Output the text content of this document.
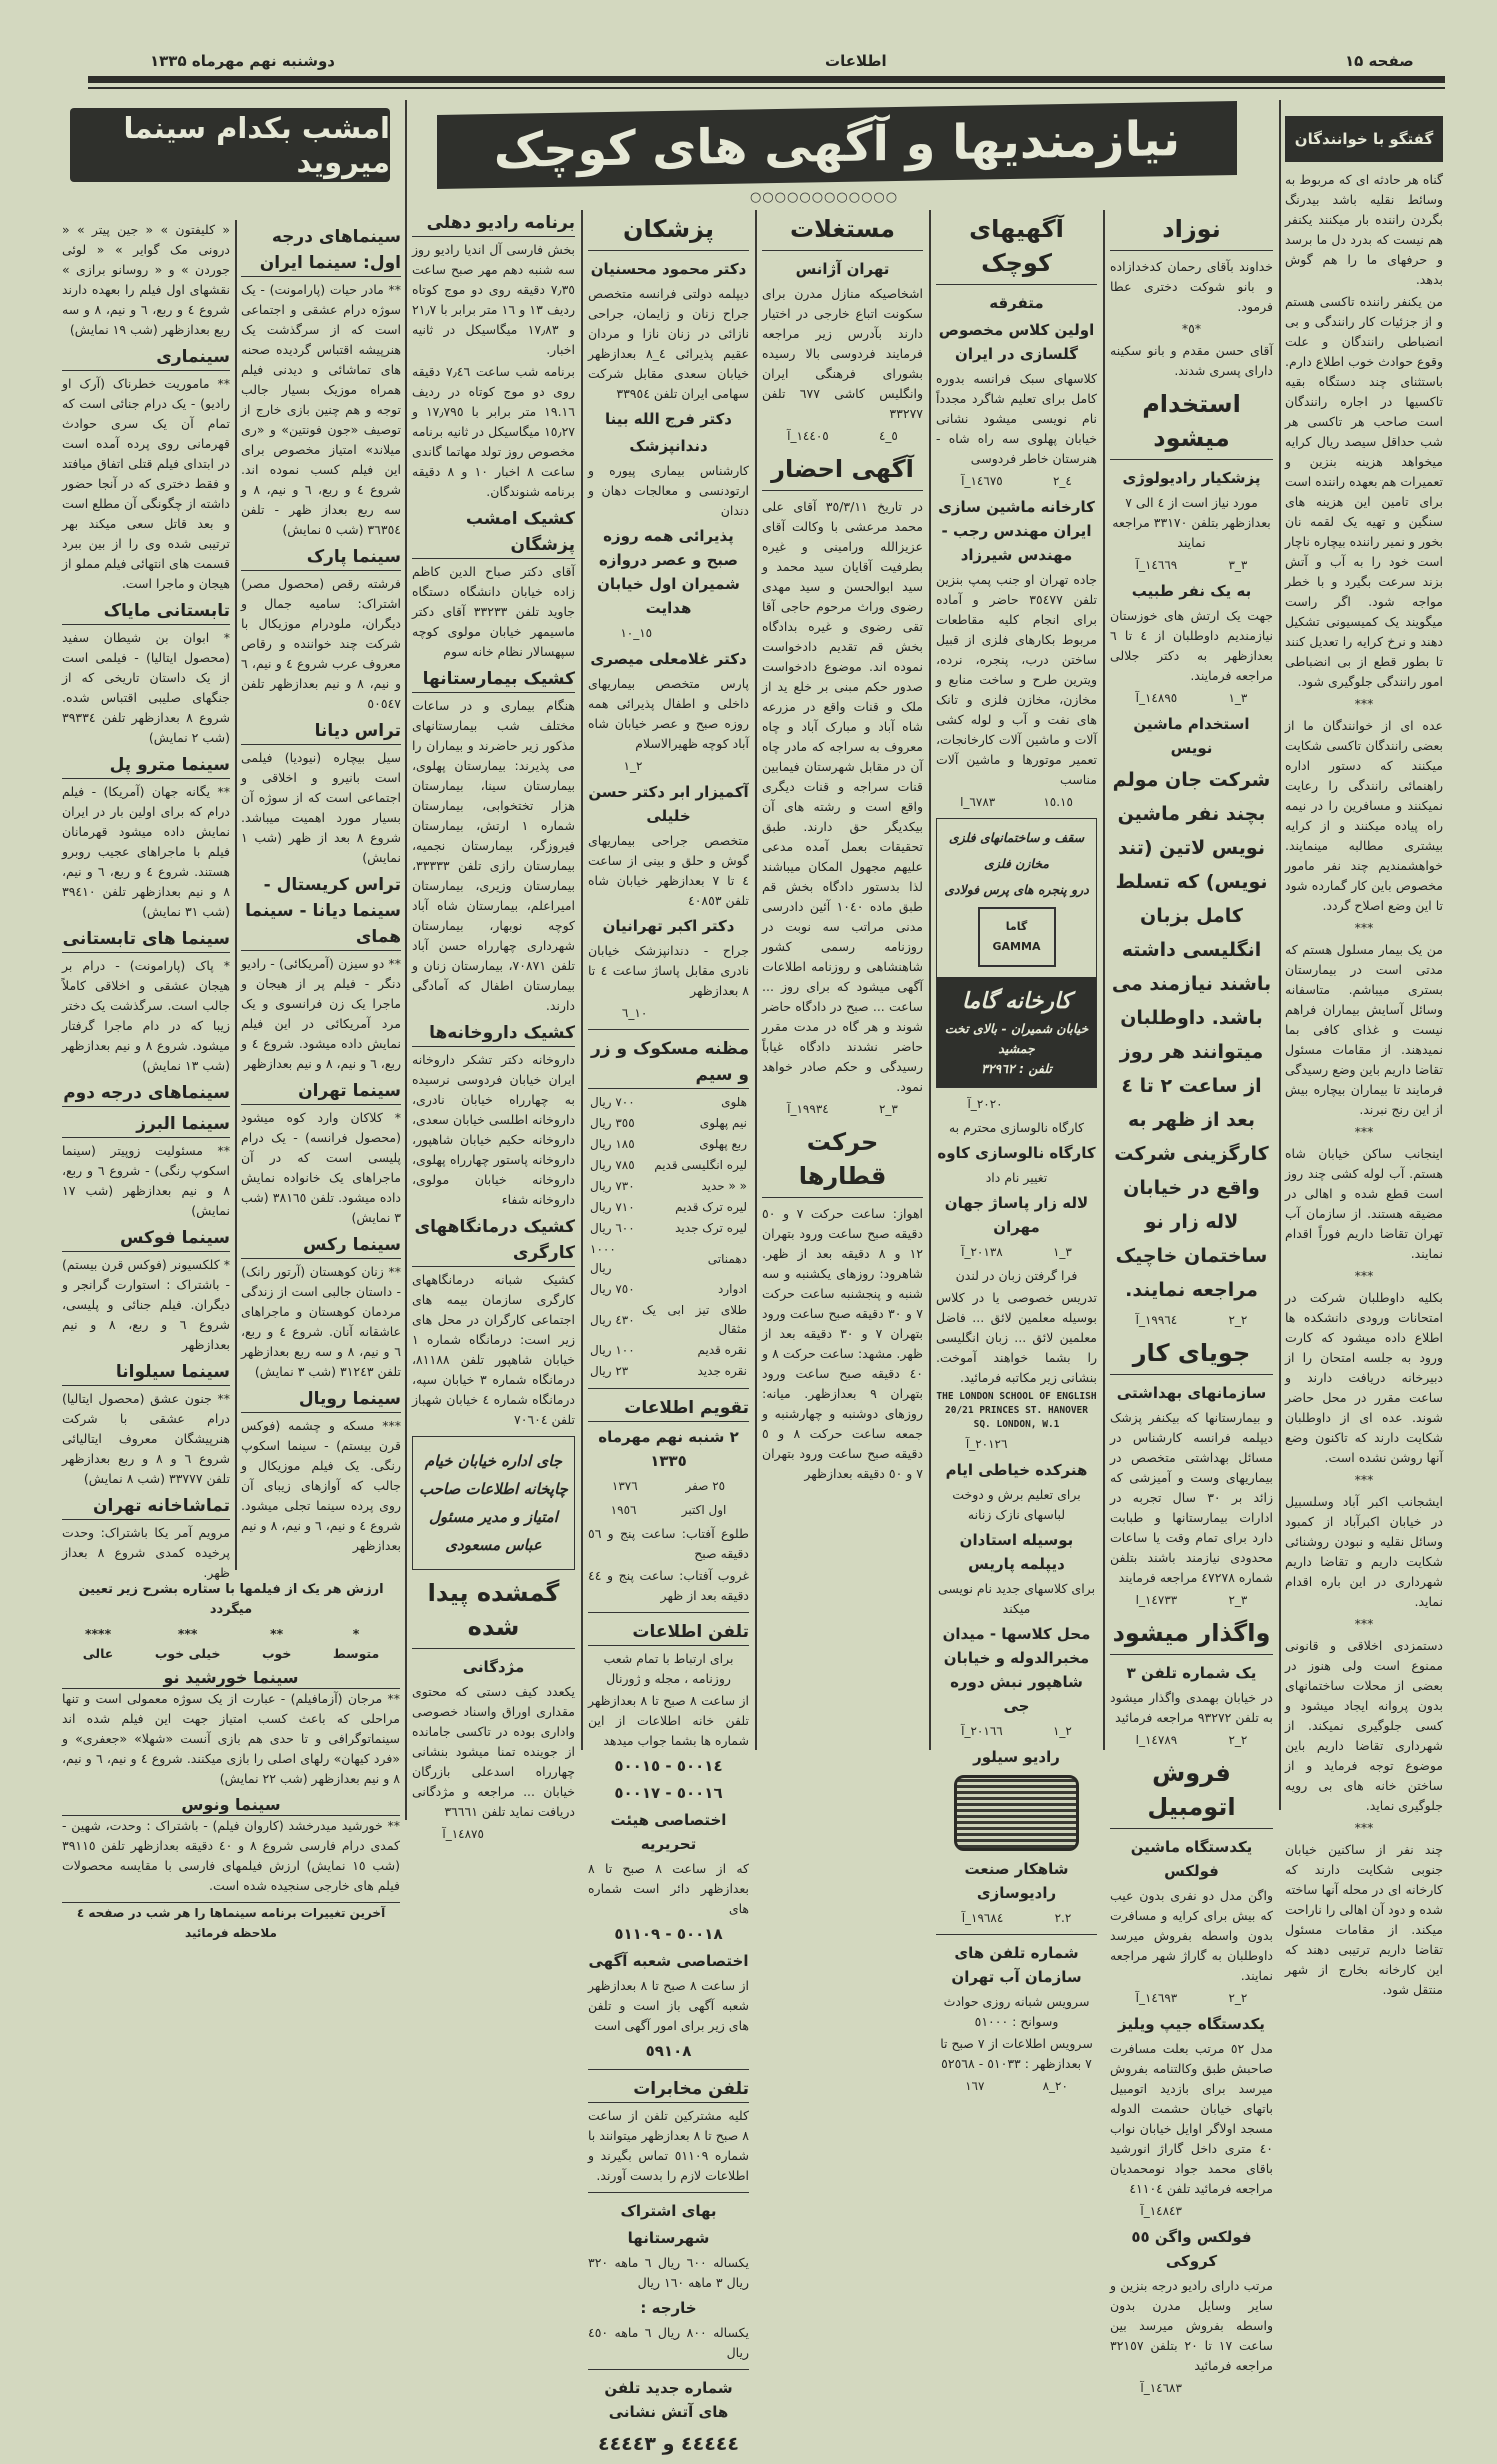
صفحه ۱۵
اطلاعات
دوشنبه نهم مهرماه ۱۳۳۵
نیازمندیها و آگهی های کوچک
امشب بکدام سینما میروید
○○○○○○○○○○○○
گفتگو با خوانندگان
گناه هر حادثه ای که مربوط به وسائط نقلیه باشد بیدرنگ بگردن راننده بار میکنند یکنفر هم نیست که بدرد دل ما برسد و حرفهای ما را هم گوش بدهد.
من یکنفر راننده تاکسی هستم و از جزئیات کار رانندگی و بی انضباطی رانندگان و علت وقوع حوادث خوب اطلاع دارم. باستثنای چند دستگاه بقیه تاکسیها در اجاره رانندگان است صاحب هر تاکسی هر شب حداقل سیصد ریال کرایه میخواهد هزینه بنزین و تعمیرات هم بعهده راننده است برای تامین این هزینه های سنگین و تهیه یک لقمه نان بخور و نمیر راننده بیچاره ناچار است خود را به آب و آتش بزند سرعت بگیرد و با خطر مواجه شود. اگر راست میگویند یک کمیسیونی تشکیل دهند و نرخ کرایه را تعدیل کنند تا بطور قطع از بی انضباطی امور رانندگی جلوگیری شود.
***
عده ای از خوانندگان ما از بعضی رانندگان تاکسی شکایت میکنند که دستور اداره راهنمائی رانندگی را رعایت نمیکنند و مسافرین را در نیمه راه پیاده میکنند و از کرایه بیشتری مطالبه مینمایند. خواهشمندیم چند نفر مامور مخصوص باین کار گمارده شود تا این وضع اصلاح گردد.
***
من یک بیمار مسلول هستم که مدتی است در بیمارستان بستری میباشم. متاسفانه وسائل آسایش بیماران فراهم نیست و غذای کافی بما نمیدهند. از مقامات مسئول تقاضا داریم باین وضع رسیدگی فرمایند تا بیماران بیچاره بیش از این رنج نبرند.
***
اینجانب ساکن خیابان شاه هستم. آب لوله کشی چند روز است قطع شده و اهالی در مضیقه هستند. از سازمان آب تهران تقاضا داریم فوراً اقدام نمایند.
***
بکلیه داوطلبان شرکت در امتحانات ورودی دانشکده ها اطلاع داده میشود که کارت ورود به جلسه امتحان را از دبیرخانه دریافت دارند و ساعت مقرر در محل حاضر شوند. عده ای از داوطلبان شکایت دارند که تاکنون وضع آنها روشن نشده است.
***
ایشجانب اکبر آباد وسلسبیل در خیابان اکبرآباد از کمبود وسائل نقلیه و نبودن روشنائی شکایت داریم و تقاضا داریم شهرداری در این باره اقدام نماید.
***
دستمزدی اخلاقی و قانونی ممنوع است ولی هنوز در بعضی از محلات ساختمانهای بدون پروانه ایجاد میشود و کسی جلوگیری نمیکند. از شهرداری تقاضا داریم باین موضوع توجه فرماید و از ساختن خانه های بی رویه جلوگیری نماید.
***
چند نفر از ساکنین خیابان جنوبی شکایت دارند که کارخانه ای در محله آنها ساخته شده و دود آن اهالی را ناراحت میکند. از مقامات مسئول تقاضا داریم ترتیبی دهند که این کارخانه بخارج از شهر منتقل شود.
نوزاد
خداوند بآقای رحمان کدخدازاده و بانو شوکت دختری عطا فرمود.
*٥*
آقای حسن مقدم و بانو سکینه دارای پسری شدند.
استخدام میشود
پزشکیار رادیولوژی
مورد نیاز است از ٤ الی ٧ بعدازظهر بتلفن ٣٣١٧٠ مراجعه نمایند
٣_٣
١٤٦٦٩_آ
به یک نفر طبیب
جهت یک ارتش های خوزستان نیازمندیم داوطلبان از ٤ تا ٦ بعدازظهر به دکتر جلالی مراجعه فرمایند.
٣_١
١٤٨٩٥_آ
استخدام ماشین نویس
شرکت جان مولم بچند نفر ماشین نویس لاتین (تند نویس) که تسلط کامل بزبان انگلیسی داشته باشند نیازمند می باشد. داوطلبان میتوانند هر روز از ساعت ۲ تا ٤ بعد از ظهر به کارگزینی شرکت واقع در خیابان لاله زار نو ساختمان خاچیک مراجعه نمایند.
٢_٢
١٩٩٦٤_آ
جویای کار
سازمانهای بهداشتی
و بیمارستانها که بیکنفر پزشک دیپلمه فرانسه کارشناس در مسائل بهداشتی متخصص در بیماریهای وست و آمیزشی که زائد بر ٣٠ سال تجربه در ادارات بیمارستانها و طبابت دارد برای تمام وقت یا ساعات محدودی نیازمند باشند بتلفن شماره ٤٧٢٧٨ مراجعه فرمایند
٣_٢
١٤٧٣٣_ا
واگذار میشود
یک شماره تلفن ۳
در خیابان بهمدی واگذار میشود به تلفن ٩٣٢٧٢ مراجعه فرمائید
٢_٢
١٤٧٨٩_ا
فروش اتومبیل
یکدستگاه ماشین فولکس
واگن مدل دو نفری بدون عیب که بیش برای کرایه و مسافرت بدون واسطه بفروش میرسد داوطلبان به گاراژ شهر مراجعه نمایند.
٢_٢
١٤٦٩٣_آ
یکدستگاه جیپ ویلیز
مدل ٥٢ مرتب بعلت مسافرت صاحبش طبق وکالتنامه بفروش میرسد برای بازدید اتومبیل باتهای خیابان حشمت الدوله مسجد اولاگر اوایل خیابان نواب ٤٠ متری داخل گاراژ انورشید باقای محمد جواد نومحمدیان مراجعه فرمائید تلفن ٤١١٠٤
١٤٨٤٣_آ
فولکس واگن ٥٥ کروکی
مرتب دارای رادیو درجه بنزین و سایر وسایل مدرن بدون واسطه بفروش میرسد بین ساعت ١٧ تا ٢٠ بتلفن ٣٢١٥٧ مراجعه فرمائید
١٤٦٨٣_آ
آگهیهای کوچک
متفرقه
اولین کلاس مخصوص گلسازی در ایران
کلاسهای سبک فرانسه بدوره کامل برای تعلیم شاگرد مجدداً نام نویسی میشود نشانی خیابان پهلوی سه راه شاه - هنرستان خاطر فردوسی
٤_٢
١٤٦٧٥_آ
کارخانه ماشین سازی ایران مهندس رجب - مهندس شیرزاد
جاده تهران او جنب پمپ بنزین تلفن ٣٥٤٧٧ حاضر و آماده برای انجام کلیه مقاطعات مربوط بکارهای فلزی از قبیل ساختن درب، پنجره، نرده، ویترین طرح و ساخت منابع و مخازن، مخازن فلزی و تانک های نفت و آب و لوله کشی آلات و ماشین آلات کارخانجات، تعمیر موتورها و ماشین آلات مناسب
١٥.١٥
٦٧٨٣_ا
سقف و ساختمانهای فلزی
مخازن فلزی
درو پنجره های پرس فولادی
گاما GAMMA
کارخانه گاما
خیابان شمیران - بالای تخت جمشید
تلفن : ٣٢٩٦٢
٢٠٢٠_آ
کارگاه نالوسازی محترم به
کارگاه نالوسازی کاوه
تغییر نام داد
لاله زار پاساژ جهان مهران
٣_١
٢٠١٣٨_آ
فرا گرفتن زبان در لندن
تدریس خصوصی یا در کلاس بوسیله معلمین لائق ... فاضل معلمین لائق ... زبان انگلیسی را بشما خواهند آموخت. بنشانی زیر مکاتبه فرمائید.
THE LONDON SCHOOL OF ENGLISH
20/21 PRINCES ST. HANOVER SQ. LONDON, W.1
٢٠١٢٦_آ
هنرکده خیاطی ایام
برای تعلیم برش و دوخت لباسهای نازک زنانه
بوسیله استادان دیپلمه پاریس
برای کلاسهای جدید نام نویسی میکند
محل کلاسها - میدان مخبرالدوله و خیابان شاهپور نبش دوره جی
٢_١
٢٠١٦٦_آ
رادیو سیلور
شاهکار صنعت رادیوسازی
٢.٢
١٩٦٨٤_آ
شماره تلفن های سازمان آب تهران
سرویس شبانه روزی حوادث وسوانح : ٥١٠٠٠
سرویس اطلاعات از ٧ صبح تا ٧ بعدازظهر : ٥١٠٣٣ - ٥٢٥٦٨
٢٠_٨
١٦٧
مستغلات
تهران آژانس
اشخاصیکه منازل مدرن برای سکونت اتباع خارجی در اختیار دارند بآدرس زیر مراجعه فرمایند فردوسی بالا رسیده بشورای فرهنگی ایران وانگلیس کاشی ٦٧٧ تلفن ٣٣٢٧٧
٥_٤
١٤٤٠٥_آ
آگهی احضار
در تاریخ ٣٥/٣/١١ آقای علی محمد مرعشی با وکالت آقای عزیزالله ورامینی و غیره بطرفیت آقایان سید محمد و سید ابوالحسن و سید مهدی رضوی وراث مرحوم حاجی آقا تقی رضوی و غیره بدادگاه بخش قم تقدیم دادخواست نموده اند. موضوع دادخواست صدور حکم مبنی بر خلع ید از ملک و قنات واقع در مزرعه شاه آباد و مبارک آباد و چاه معروف به سراجه که مادر چاه آن در مقابل شهرستان فیمابین قنات سراجه و قنات دیگری واقع است و رشته های آن بیکدیگر حق دارند. طبق تحقیقات بعمل آمده مدعی علیهم مجهول المکان میباشند لذا بدستور دادگاه بخش قم طبق ماده ١٠٤٠ آئین دادرسی مدنی مراتب سه نوبت در روزنامه رسمی کشور شاهنشاهی و روزنامه اطلاعات آگهی میشود که برای روز ... ساعت ... صبح در دادگاه حاضر شوند و هر گاه در مدت مقرر حاضر نشدند دادگاه غیاباً رسیدگی و حکم صادر خواهد نمود.
٣_٢
١٩٩٣٤_آ
حرکت قطارها
اهواز: ساعت حرکت ٧ و ٥٠ دقیقه صبح ساعت ورود بتهران ١٢ و ٨ دقیقه بعد از ظهر. شاهرود: روزهای یکشنبه و سه شنبه و پنجشنبه ساعت حرکت ٧ و ٣٠ دقیقه صبح ساعت ورود بتهران ٧ و ٣٠ دقیقه بعد از ظهر. مشهد: ساعت حرکت ٨ و ٤٠ دقیقه صبح ساعت ورود بتهران ٩ بعدازظهر. میانه: روزهای دوشنبه و چهارشنبه و جمعه ساعت حرکت ٨ و ٥ دقیقه صبح ساعت ورود بتهران ٧ و ٥٠ دقیقه بعدازظهر
پزشکان
دکتر محمود محسنیان
دیپلمه دولتی فرانسه متخصص جراح زنان و زایمان، جراحی نازائی در زنان نازا و مردان عقیم پذیرائی ٤_٨ بعدازظهر خیابان سعدی مقابل شرکت سهامی ایران تلفن ٣٣٩٥٤
دکتر فرج الله بینا
دندانپزشک
کارشناس بیماری پیوره و ارتودنسی و معالجات دهان و دندان
پذیرائی همه روزه صبح و عصر دروازه شمیران اول خیابان هدایت
١٥_١٠
دکتر غلامعلی میصری
پارس متخصص بیماریهای داخلی و اطفال پذیرائی همه روزه صبح و عصر خیابان شاه آباد کوچه ظهیرالاسلام
٢_١
آکمیزار ابر دکتر حسن خلیلی
متخصص جراحی بیماریهای گوش و حلق و بینی از ساعت ٤ تا ٧ بعدازظهر خیابان شاه تلفن ٤٠٨٥٣
دکتر اکبر تهرانیان
جراح - دندانپزشک خیابان نادری مقابل پاساژ ساعت ٤ تا ٨ بعدازظهر
١٠_٦
مظنه مسکوک و زر و سیم
هلوی	٧٠٠ ریال
نیم پهلوی	٣٥٥ ریال
ربع پهلوی	١٨٥ ریال
لیره انگلیسی قدیم	٧٨٥ ریال
« « حدید	٧٣٠ ریال
لیره ترک قدیم	٧١٠ ریال
لیره ترک جدید	٦٠٠ ریال
دهمناتی	١٠٠٠ ریال
ادوارد	٧٥٠ ریال
طلای تیز ابی یک مثقال	٤٣٠ ریال
نقره قدیم	١٠٠ ریال
نقره جدید	٢٣ ریال
تقویم اطلاعات
۲ شنبه نهم مهرماه ١٣٣٥
٢٥ صفر
١٣٧٦
اول اکتبر
١٩٥٦
طلوع آفتاب: ساعت پنج و ٥٦ دقیقه صبح
غروب آفتاب: ساعت پنج و ٤٤ دقیقه بعد از ظهر
تلفن اطلاعات
برای ارتباط با تمام شعب روزنامه ، مجله و ژورنال
از ساعت ٨ صبح تا ٨ بعدازظهر تلفن خانه اطلاعات از این شماره ها بشما جواب میدهد
٥٠٠١٤ - ٥٠٠١٥
٥٠٠١٦ - ٥٠٠١٧
اختصاصی هیئت تحریریه
که از ساعت ٨ صبح تا ٨ بعدازظهر دائر است شماره های
٥٠٠١٨ - ٥١١٠٩
اختصاصی شعبه آگهی
از ساعت ٨ صبح تا ٨ بعدازظهر شعبه آگهی باز است و تلفن های زیر برای امور آگهی است
٥٩١٠٨
تلفن مخابرات
کلیه مشترکین تلفن از ساعت ٨ صبح تا ٨ بعدازظهر میتوانند با شماره ٥١١٠٩ تماس بگیرند و اطلاعات لازم را بدست آورند.
بهای اشتراک
شهرستانها
یکساله ٦٠٠ ریال ٦ ماهه ٣٢٠ ریال ٣ ماهه ١٦٠ ریال
خارجه :
یکساله ٨٠٠ ریال ٦ ماهه ٤٥٠ ریال
شماره جدید تلفن های آتش نشانی
٤٤٤٤٤ و ٤٤٤٤٣
برنامه رادیو دهلی
بخش فارسی آل اندیا رادیو روز سه شنبه دهم مهر صبح ساعت ٧٫٣٥ دقیقه روی دو موج کوتاه ردیف ١٣ و ١٦ متر برابر با ٢١٫٧ و ١٧٫٨٣ میگاسیکل در ثانیه اخبار.
برنامه شب ساعت ٧٫٤٦ دقیقه روی دو موج کوتاه در ردیف ١٩.١٦ متر برابر با ١٧٫٧٩٥ و ١٥٫٢٧ میگاسیکل در ثانیه برنامه مخصوص روز تولد مهاتما گاندی ساعت ٨ اخبار ١٠ و ٨ دقیقه برنامه شنوندگان.
کشیک امشب پزشگان
آقای دکتر صباح الدین کاظم زاده خیابان دانشگاه دستگاه جاوید تلفن ٣٣٢٣٣ آقای دکتر ماسیمهر خیابان مولوی کوچه سپهسالار نظام خانه سوم
کشیک بیمارستانها
هنگام بیماری و در ساعات مختلف شب بیمارستانهای مذکور زیر حاضرند و بیماران را می پذیرند: بیمارستان پهلوی، بیمارستان سینا، بیمارستان هزار تختخوابی، بیمارستان شماره ١ ارتش، بیمارستان فیروزگر، بیمارستان نجمیه، بیمارستان رازی تلفن ٣٣٣٣٣، بیمارستان وزیری، بیمارستان امیراعلم، بیمارستان شاه آباد کوچه نوبهار، بیمارستان شهرداری چهارراه حسن آباد تلفن ٧٠٨٧١، بیمارستان زنان و بیمارستان اطفال که آمادگی دارند.
کشیک داروخانه‌ها
داروخانه دکتر تشکر داروخانه ایران خیابان فردوسی نرسیده به چهارراه خیابان نادری، داروخانه اطلسی خیابان سعدی، داروخانه حکیم خیابان شاهپور، داروخانه پاستور چهارراه پهلوی، داروخانه خیابان مولوی، داروخانه شفاء
کشیک درمانگاههای کارگری
کشیک شبانه درمانگاههای کارگری سازمان بیمه های اجتماعی کارگران در محل های زیر است: درمانگاه شماره ١ خیابان شاهپور تلفن ٨١١٨٨، درمانگاه شماره ٣ خیابان سپه، درمانگاه شماره ٤ خیابان شهباز تلفن ٧٠٦٠٤
جای اداره خیابان خیام چاپخانه اطلاعات صاحب امتیاز و مدیر مسئول عباس مسعودی
گمشده پیدا شده
مژدگانی
یکعدد کیف دستی که محتوی مقداری اوراق واسناد خصوصی واداری بوده در تاکسی جامانده از جوینده تمنا میشود بنشانی چهارراه اسدعلی بازرگان خیابان ... مراجعه و مژدگانی دریافت نماید تلفن ٣٦٦٦١
١٤٨٧٥_آ
سینماهای درجه اول: سینما ایران
** مادر حیات (پارامونت) - یک سوژه درام عشقی و اجتماعی است که از سرگذشت یک هنرپیشه اقتباس گردیده صحنه های تماشائی و دیدنی فیلم همراه موزیک بسیار جالب توجه و هم چنین بازی خارج از توصیف «جون فونتین» و «ری میلاند» امتیاز مخصوص برای این فیلم کسب نموده اند. شروع ٤ و ربع، ٦ و نیم، ٨ و سه ربع بعداز ظهر - تلفن ٣٦٣٥٤ (شب ٥ نمایش)
سینما پارک
فرشته رقص (محصول مصر) اشتراک: سامیه جمال و دیگران، ملودرام موزیکال با شرکت چند خواننده و رقاص معروف عرب شروع ٤ و نیم، ٦ و نیم، ٨ و نیم بعدازظهر تلفن ٥٠٥٤٧
تراس دیانا
سیل بیچاره (نیودیا) فیلمی است بانیرو و اخلاقی و اجتماعی است که از سوژه آن بسیار مورد اهمیت میباشد. شروع ٨ بعد از ظهر (شب ١ نمایش)
تراس کریستال - سینما دیانا - سینما همای
** دو سیزن (آمریکائی) - رادیو دنگر - فیلم پر از هیجان و ماجرا یک زن فرانسوی و یک مرد آمریکائی در این فیلم نمایش داده میشود. شروع ٤ و ربع، ٦ و نیم، ٨ و نیم بعدازظهر
سینما تهران
* کلاکان وارد کوه میشود (محصول فرانسه) - یک درام پلیسی است که در آن ماجراهای یک خانواده نمایش داده میشود. تلفن ٣٨١٦٥ (شب ٣ نمایش)
سینما رکس
** زنان کوهستان (آرتور رانک) - داستان جالبی است از زندگی مردمان کوهستان و ماجراهای عاشقانه آنان. شروع ٤ و ربع، ٦ و نیم، ٨ و سه ربع بعدازظهر تلفن ٣١٢٤٣ (شب ٣ نمایش)
سینما رویال
*** مسکه و چشمه (فوکس قرن بیستم) - سینما اسکوپ رنگی. یک فیلم موزیکال و جالب که آوازهای زیبای آن روی پرده سینما تجلی میشود. شروع ٤ و نیم، ٦ و نیم، ٨ و نیم بعدازظهر
« کلیفتون » « جین پیتر » « درونی مک گوایر » « لوئی جوردن » و « روسانو برازی » نقشهای اول فیلم را بعهده دارند شروع ٤ و ربع، ٦ و نیم، ٨ و سه ربع بعدازظهر (شب ١٩ نمایش)
سینماری
** ماموریت خطرناک (آرک او رادیو) - یک درام جنائی است که تمام آن یک سری حوادث قهرمانی روی پرده آمده است در ابتدای فیلم قتلی اتفاق میافتد و فقط دختری که در آنجا حضور داشته از چگونگی آن مطلع است و بعد قاتل سعی میکند بهر ترتیبی شده وی را از بین ببرد قسمت های انتهائی فیلم مملو از هیجان و ماجرا است.
تابستانی مایاک
* ابوان بن شیطان سفید (محصول ایتالیا) - فیلمی است از یک داستان تاریخی که از جنگهای صلیبی اقتباس شده. شروع ٨ بعدازظهر تلفن ٣٩٣٣٤ (شب ٢ نمایش)
سینما مترو پل
** یگانه جهان (آمریکا) - فیلم درام که برای اولین بار در ایران نمایش داده میشود قهرمانان فیلم با ماجراهای عجیب روبرو هستند. شروع ٤ و ربع، ٦ و نیم، ٨ و نیم بعدازظهر تلفن ٣٩٤١٠ (شب ٣١ نمایش)
سینما های تابستانی
* پاک (پارامونت) - درام بر هیجان عشقی و اخلاقی کاملاً جالب است. سرگذشت یک دختر زیبا که در دام ماجرا گرفتار میشود. شروع ٨ و نیم بعدازظهر (شب ١٣ نمایش)
سینماهای درجه دوم
سینما البرز
** مسئولیت زوپیتر (سینما اسکوپ رنگی) - شروع ٦ و ربع، ٨ و نیم بعدازظهر (شب ١٧ نمایش)
سینما فوکس
* کلکسیونر (فوکس قرن بیستم) - باشتراک : استوارت گرانجر و دیگران. فیلم جنائی و پلیسی، شروع ٦ و ربع، ٨ و نیم بعدازظهر
سینما سیلوانا
** جنون عشق (محصول ایتالیا) درام عشقی با شرکت هنرپیشگان معروف ایتالیائی شروع ٦ و ٨ و ربع بعدازظهر تلفن ٣٣٧٧٧ (شب ٨ نمایش)
تماشاخانه تهران
مرویم آمر یکا باشتراک: وحدت پرخیده کمدی شروع ٨ بعداز ظهر.
ارزش هر یک از فیلمها با ستاره بشرح زیر تعیین میگردد
*
متوسط
**
خوب
***
خیلی خوب
****
عالی
سینما خورشید نو
** مرجان (آزمافیلم) - عبارت از یک سوژه معمولی است و تنها مراحلی که باعث کسب امتیاز جهت این فیلم شده اند سینماتوگرافی و تا حدی هم بازی آنست «شهلا» «جعفری» و «فرد کیهان» رلهای اصلی را بازی میکنند. شروع ٤ و نیم، ٦ و نیم، ٨ و نیم بعدازظهر (شب ٢٢ نمایش)
سینما ونوس
** خورشید میدرخشد (کاروان فیلم) - باشتراک : وحدت، شهین - کمدی درام فارسی شروع ٨ و ٤٠ دقیقه بعدازظهر تلفن ٣٩١١٥ (شب ١٥ نمایش) ارزش فیلمهای فارسی با مقایسه محصولات فیلم های خارجی سنجیده شده است.
آخرین تغییرات برنامه سینماها را هر شب در صفحه ٤ ملاحظه فرمائید
